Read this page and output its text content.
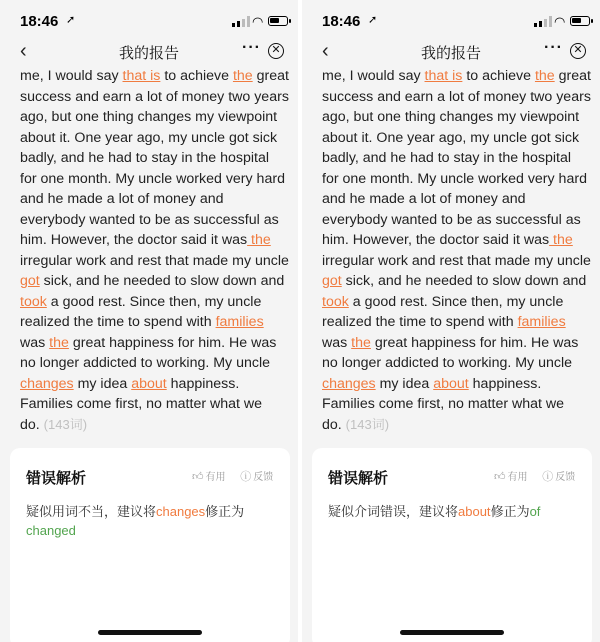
18:46 ➚	◠
‹	我的报告	··· ✕
me, I would say that is to achieve the great
success and earn a lot of money two years
ago, but one thing changes my viewpoint
about it. One year ago, my uncle got sick
badly, and he had to stay in the hospital
for one month. My uncle worked very hard
and he made a lot of money and
everybody wanted to be as successful as
him. However, the doctor said it was the
irregular work and rest that made my uncle
got sick, and he needed to slow down and
took a good rest. Since then, my uncle
realized the time to spend with families
was the great happiness for him. He was
no longer addicted to working. My uncle
changes my idea about happiness.
Families come first, no matter what we
do. (143词)
错误解析	👍︎ 有用 ⓘ 反馈
疑似用词不当，建议将changes修正为changed
18:46 ➚	◠
‹	我的报告	··· ✕
me, I would say that is to achieve the great
success and earn a lot of money two years
ago, but one thing changes my viewpoint
about it. One year ago, my uncle got sick
badly, and he had to stay in the hospital
for one month. My uncle worked very hard
and he made a lot of money and
everybody wanted to be as successful as
him. However, the doctor said it was the
irregular work and rest that made my uncle
got sick, and he needed to slow down and
took a good rest. Since then, my uncle
realized the time to spend with families
was the great happiness for him. He was
no longer addicted to working. My uncle
changes my idea about happiness.
Families come first, no matter what we
do. (143词)
错误解析	👍︎ 有用 ⓘ 反馈
疑似介词错误，建议将about修正为of
